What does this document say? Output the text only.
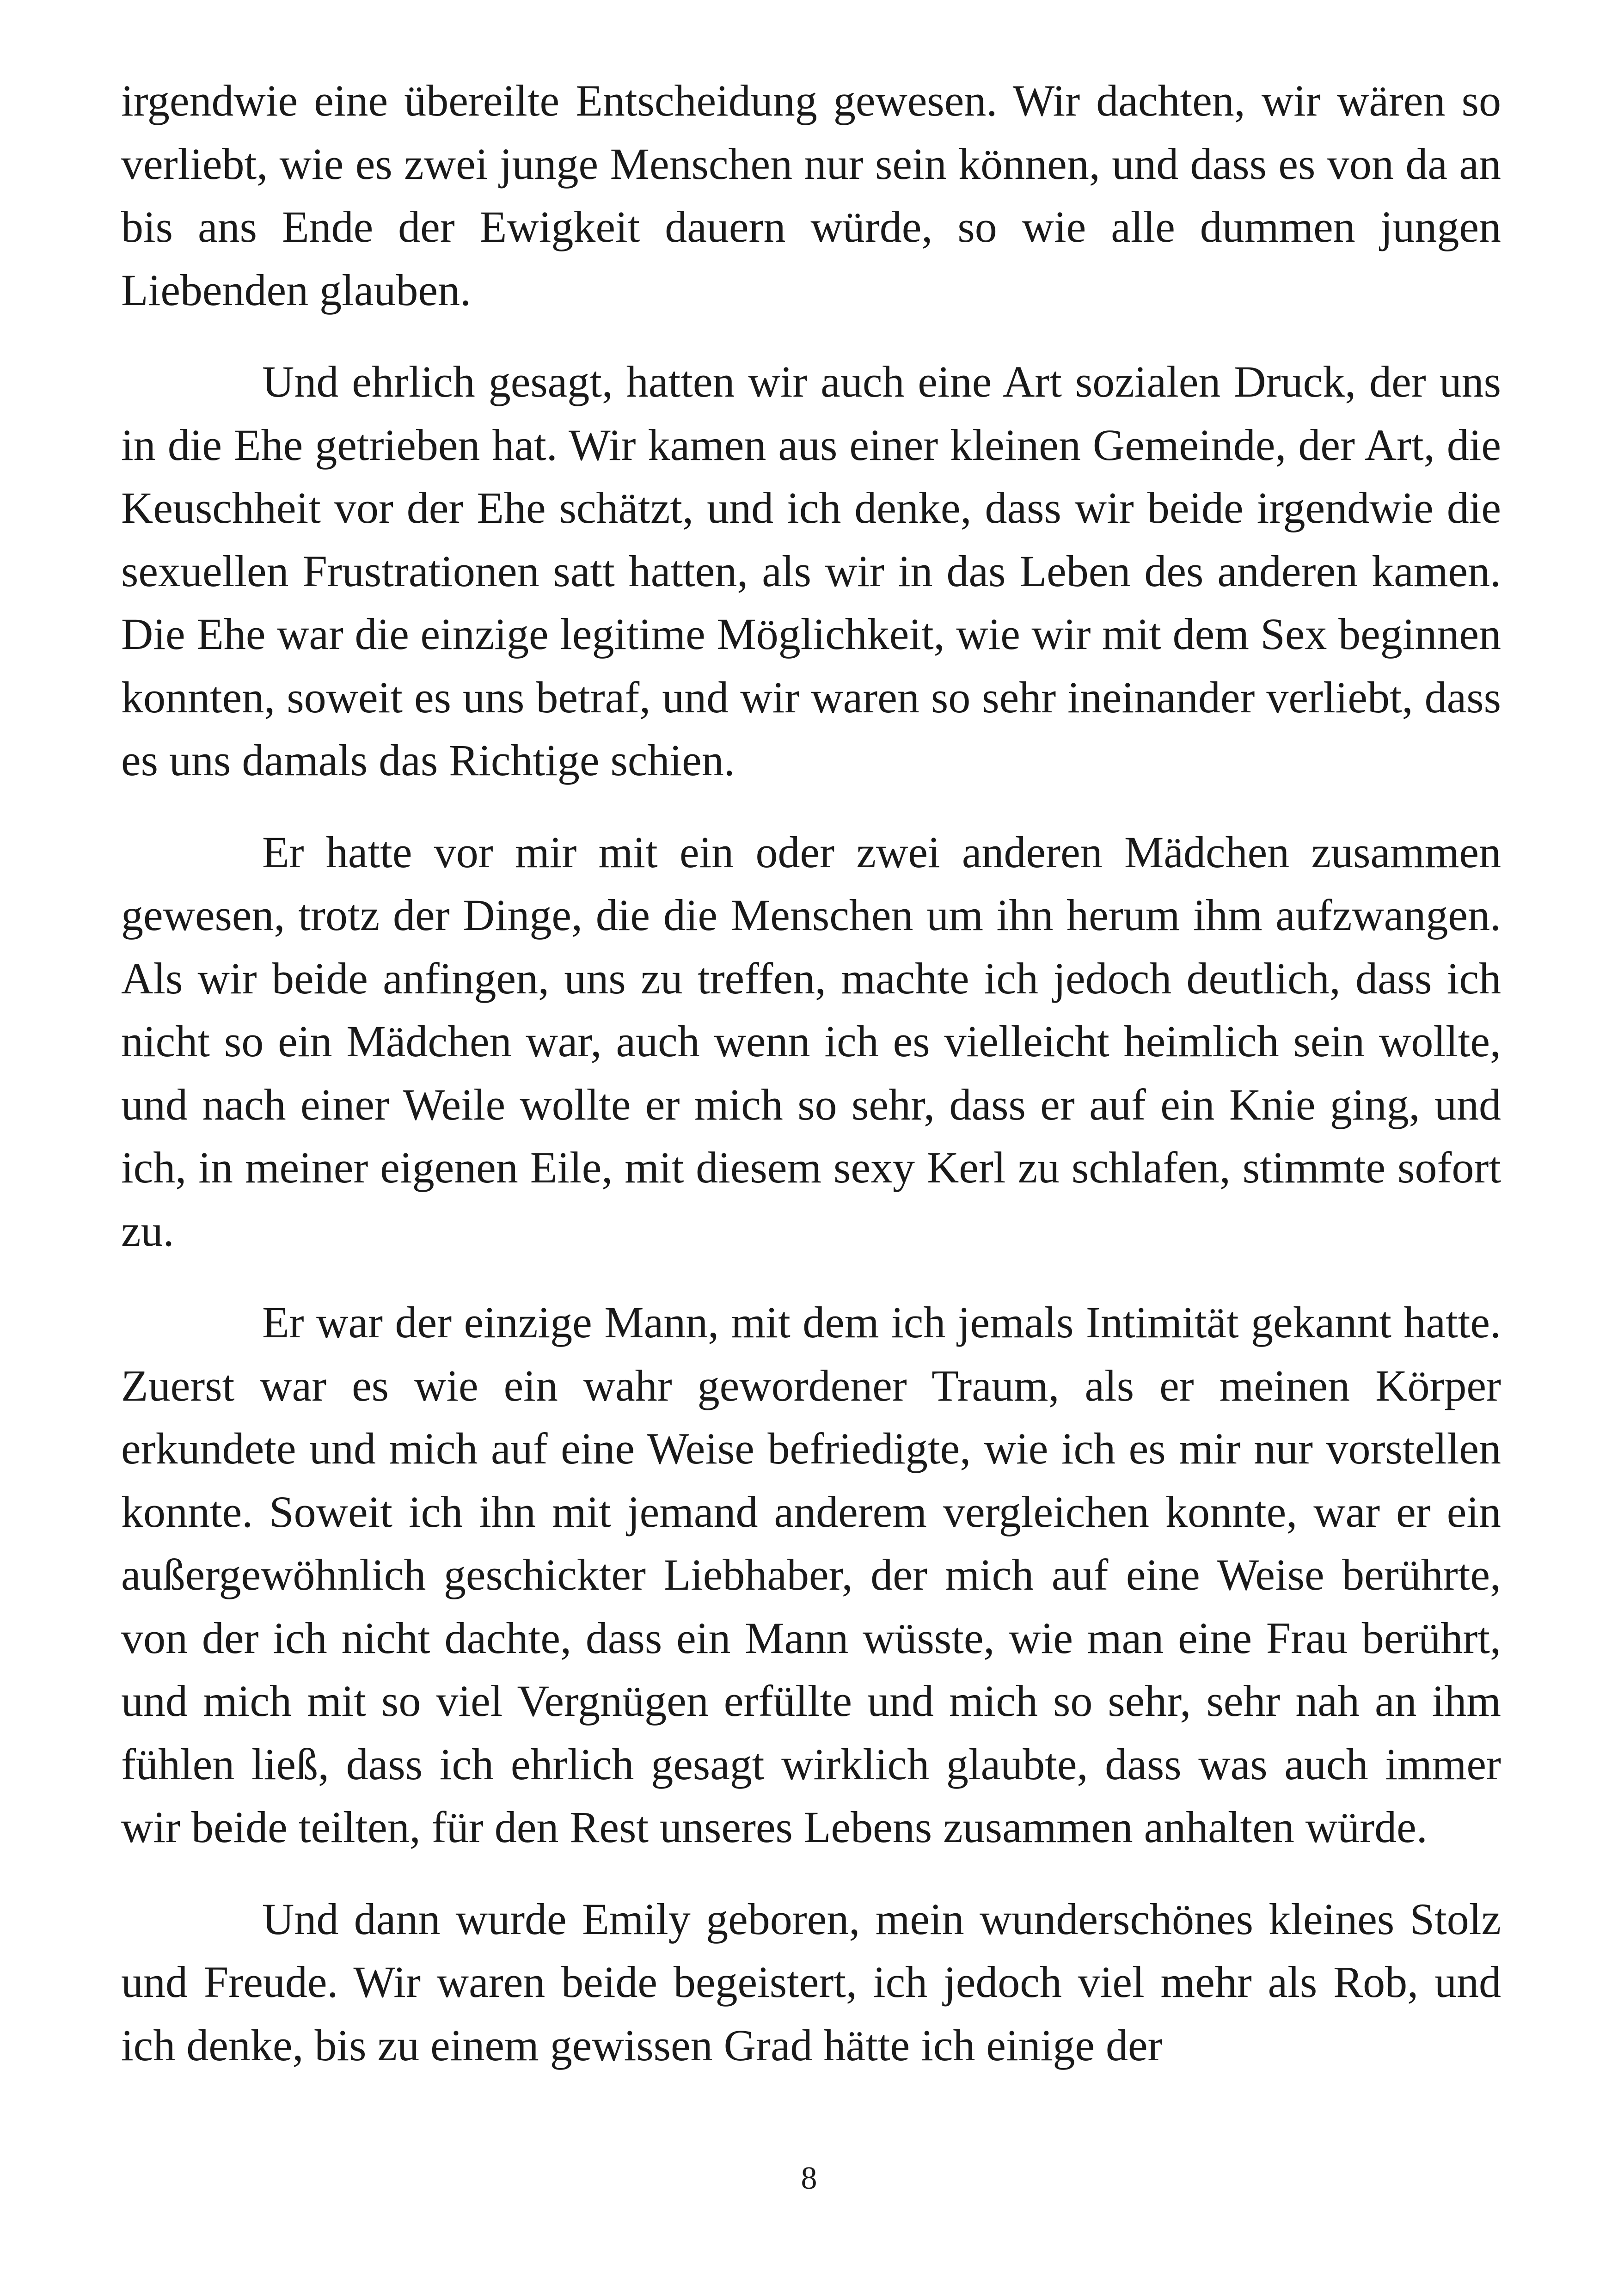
irgendwie eine übereilte Entscheidung gewesen. Wir dachten, wir wären so verliebt, wie es zwei junge Menschen nur sein können, und dass es von da an bis ans Ende der Ewigkeit dauern würde, so wie alle dummen jungen Liebenden glauben.

Und ehrlich gesagt, hatten wir auch eine Art sozialen Druck, der uns in die Ehe getrieben hat. Wir kamen aus einer kleinen Gemeinde, der Art, die Keuschheit vor der Ehe schätzt, und ich denke, dass wir beide irgendwie die sexuellen Frustrationen satt hatten, als wir in das Leben des anderen kamen. Die Ehe war die einzige legitime Möglichkeit, wie wir mit dem Sex beginnen konnten, soweit es uns betraf, und wir waren so sehr ineinander verliebt, dass es uns damals das Richtige schien.

Er hatte vor mir mit ein oder zwei anderen Mädchen zusammen gewesen, trotz der Dinge, die die Menschen um ihn herum ihm aufzwangen. Als wir beide anfingen, uns zu treffen, machte ich jedoch deutlich, dass ich nicht so ein Mädchen war, auch wenn ich es vielleicht heimlich sein wollte, und nach einer Weile wollte er mich so sehr, dass er auf ein Knie ging, und ich, in meiner eigenen Eile, mit diesem sexy Kerl zu schlafen, stimmte sofort zu.

Er war der einzige Mann, mit dem ich jemals Intimität gekannt hatte. Zuerst war es wie ein wahr gewordener Traum, als er meinen Körper erkundete und mich auf eine Weise befriedigte, wie ich es mir nur vorstellen konnte. Soweit ich ihn mit jemand anderem vergleichen konnte, war er ein außergewöhnlich geschickter Liebhaber, der mich auf eine Weise berührte, von der ich nicht dachte, dass ein Mann wüsste, wie man eine Frau berührt, und mich mit so viel Vergnügen erfüllte und mich so sehr, sehr nah an ihm fühlen ließ, dass ich ehrlich gesagt wirklich glaubte, dass was auch immer wir beide teilten, für den Rest unseres Lebens zusammen anhalten würde.

Und dann wurde Emily geboren, mein wunderschönes kleines Stolz und Freude. Wir waren beide begeistert, ich jedoch viel mehr als Rob, und ich denke, bis zu einem gewissen Grad hätte ich einige der

8
